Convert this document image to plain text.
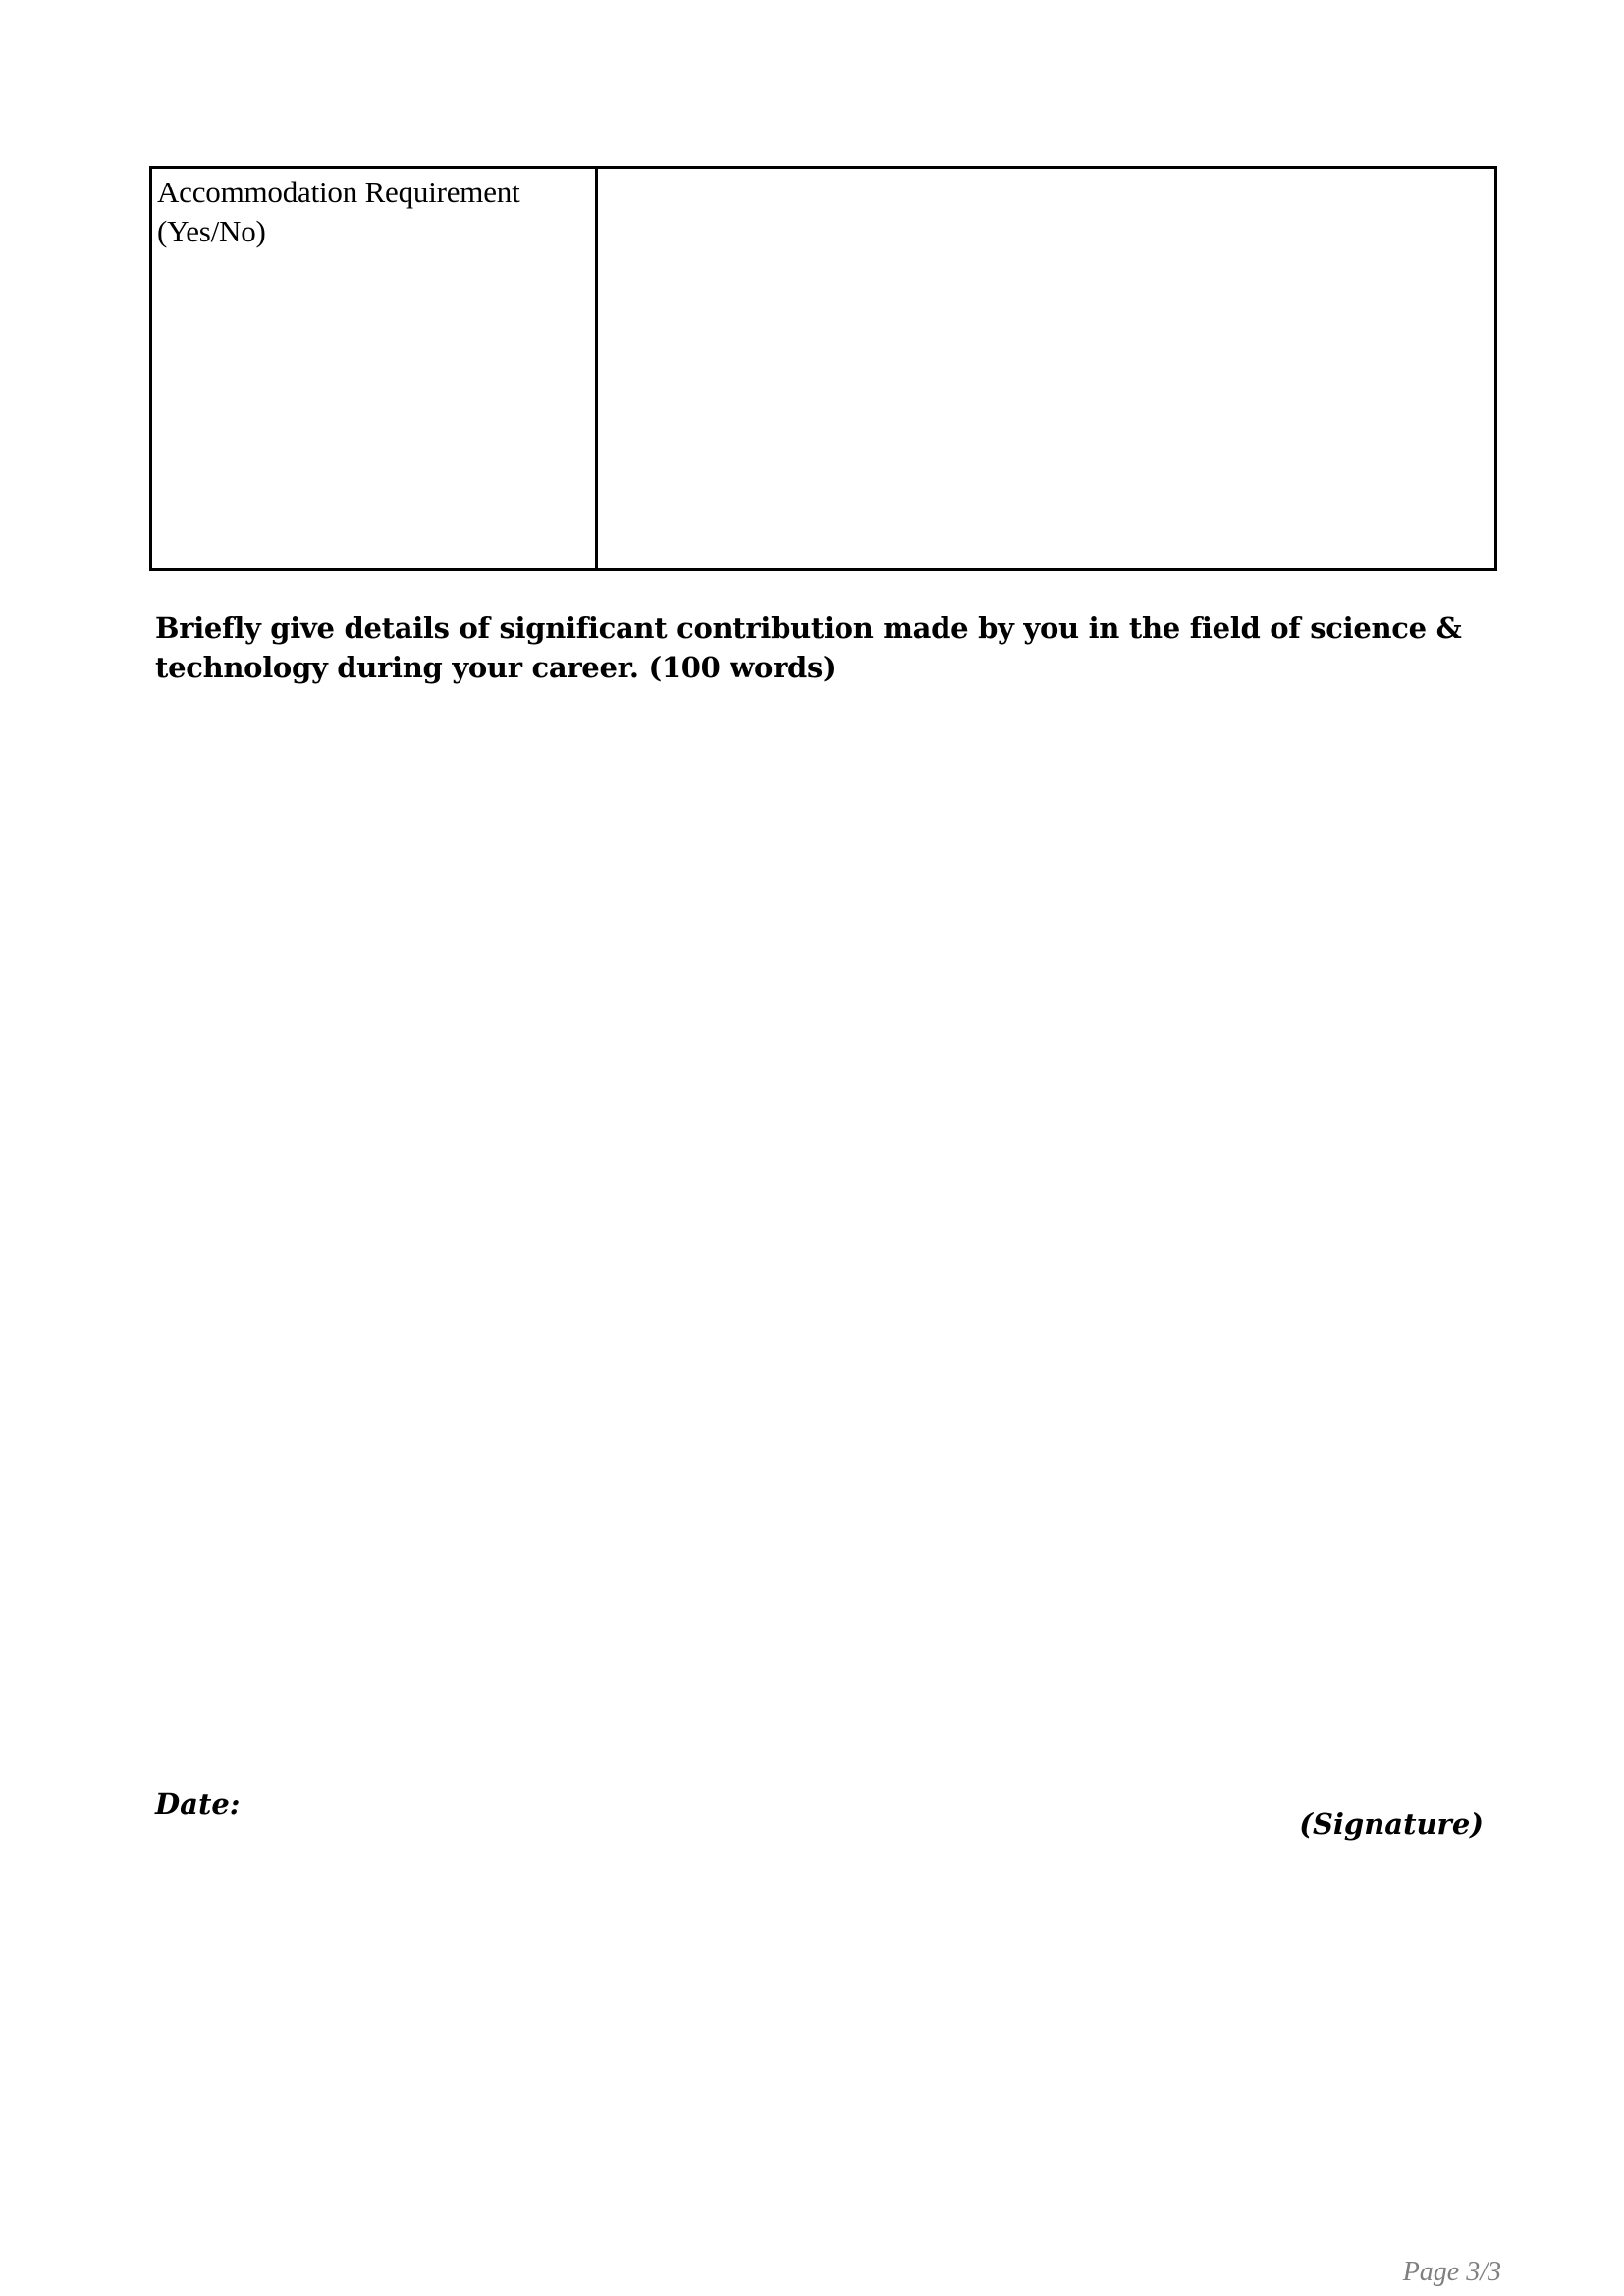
Accommodation Requirement (Yes/No)	

Briefly give details of significant contribution made by you in the field of science & technology during your career. (100 words)

Date:
(Signature)
Page 3/3
